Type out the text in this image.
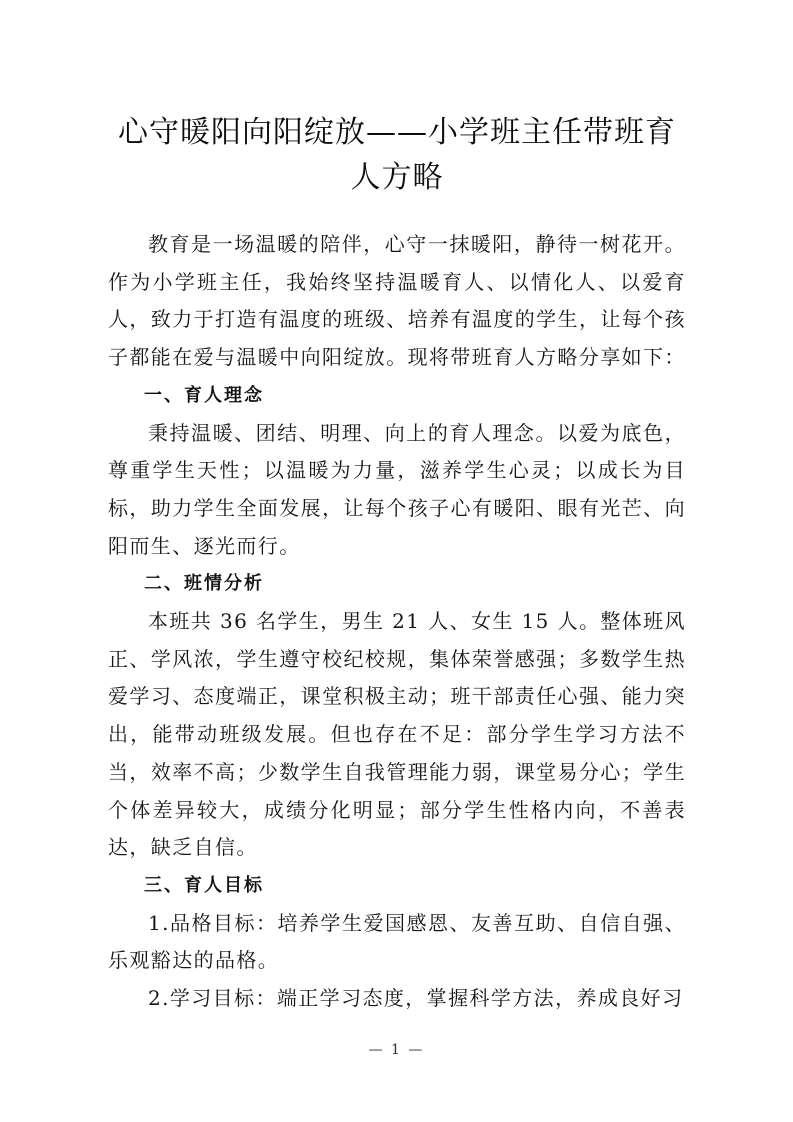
心守暖阳向阳绽放——小学班主任带班育
人方略

教育是一场温暖的陪伴，心守一抹暖阳，静待一树花开。作为小学班主任，我始终坚持温暖育人、以情化人、以爱育人，致力于打造有温度的班级、培养有温度的学生，让每个孩子都能在爱与温暖中向阳绽放。现将带班育人方略分享如下：

一、育人理念

秉持温暖、团结、明理、向上的育人理念。以爱为底色，尊重学生天性；以温暖为力量，滋养学生心灵；以成长为目标，助力学生全面发展，让每个孩子心有暖阳、眼有光芒、向阳而生、逐光而行。

二、班情分析

本班共 36 名学生，男生 21 人、女生 15 人。整体班风正、学风浓，学生遵守校纪校规，集体荣誉感强；多数学生热爱学习、态度端正，课堂积极主动；班干部责任心强、能力突出，能带动班级发展。但也存在不足：部分学生学习方法不当，效率不高；少数学生自我管理能力弱，课堂易分心；学生个体差异较大，成绩分化明显；部分学生性格内向，不善表达，缺乏自信。

三、育人目标

1.品格目标：培养学生爱国感恩、友善互助、自信自强、乐观豁达的品格。

2.学习目标：端正学习态度，掌握科学方法，养成良好习

— 1 —
